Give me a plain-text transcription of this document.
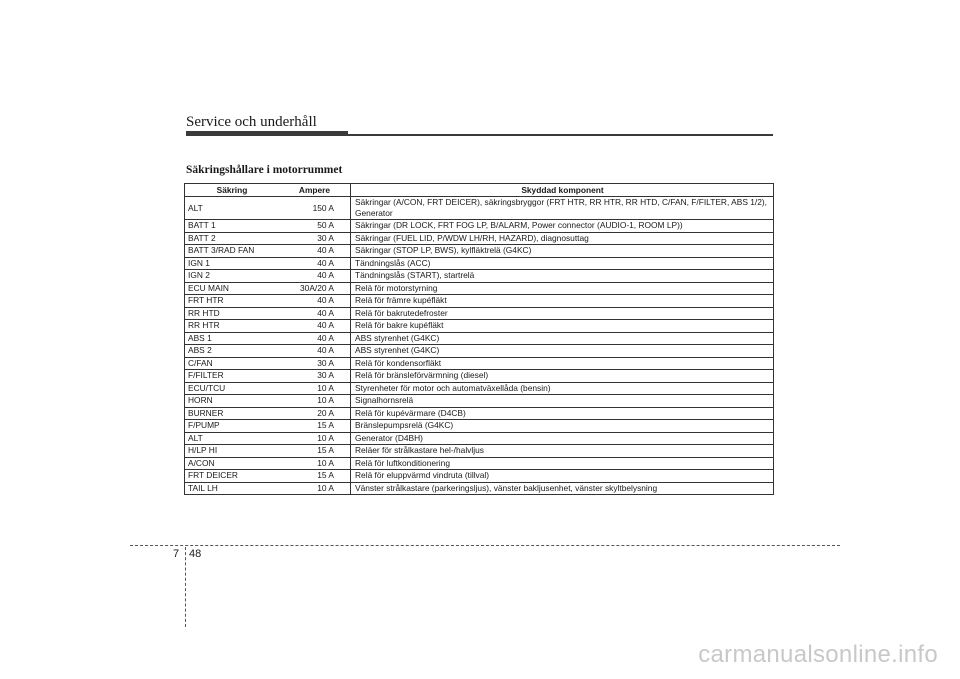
Service och underhåll
Säkringshållare i motorrummet
Säkring	Ampere	Skyddad komponent
ALT	150 A	Säkringar (A/CON, FRT DEICER), säkringsbryggor (FRT HTR, RR HTR, RR HTD, C/FAN, F/FILTER, ABS 1/2), Generator
BATT 1	50 A	Säkringar (DR LOCK, FRT FOG LP, B/ALARM, Power connector (AUDIO-1, ROOM LP))
BATT 2	30 A	Säkringar (FUEL LID, P/WDW LH/RH, HAZARD), diagnosuttag
BATT 3/RAD FAN	40 A	Säkringar (STOP LP, BWS), kylfläktrelä (G4KC)
IGN 1	40 A	Tändningslås (ACC)
IGN 2	40 A	Tändningslås (START), startrelä
ECU MAIN	30A/20 A	Relä för motorstyrning
FRT HTR	40 A	Relä för främre kupéfläkt
RR HTD	40 A	Relä för bakrutedefroster
RR HTR	40 A	Relä för bakre kupéfläkt
ABS 1	40 A	ABS styrenhet (G4KC)
ABS 2	40 A	ABS styrenhet (G4KC)
C/FAN	30 A	Relä för kondensorfläkt
F/FILTER	30 A	Relä för bränsleförvärmning (diesel)
ECU/TCU	10 A	Styrenheter för motor och automatväxellåda (bensin)
HORN	10 A	Signalhornsrelä
BURNER	20 A	Relä för kupévärmare (D4CB)
F/PUMP	15 A	Bränslepumpsrelä (G4KC)
ALT	10 A	Generator (D4BH)
H/LP HI	15 A	Reläer för strålkastare hel-/halvljus
A/CON	10 A	Relä för luftkonditionering
FRT DEICER	15 A	Relä för eluppvärmd vindruta (tillval)
TAIL LH	10 A	Vänster strålkastare (parkeringsljus), vänster bakljusenhet, vänster skyltbelysning
7 48
carmanualsonline.info
